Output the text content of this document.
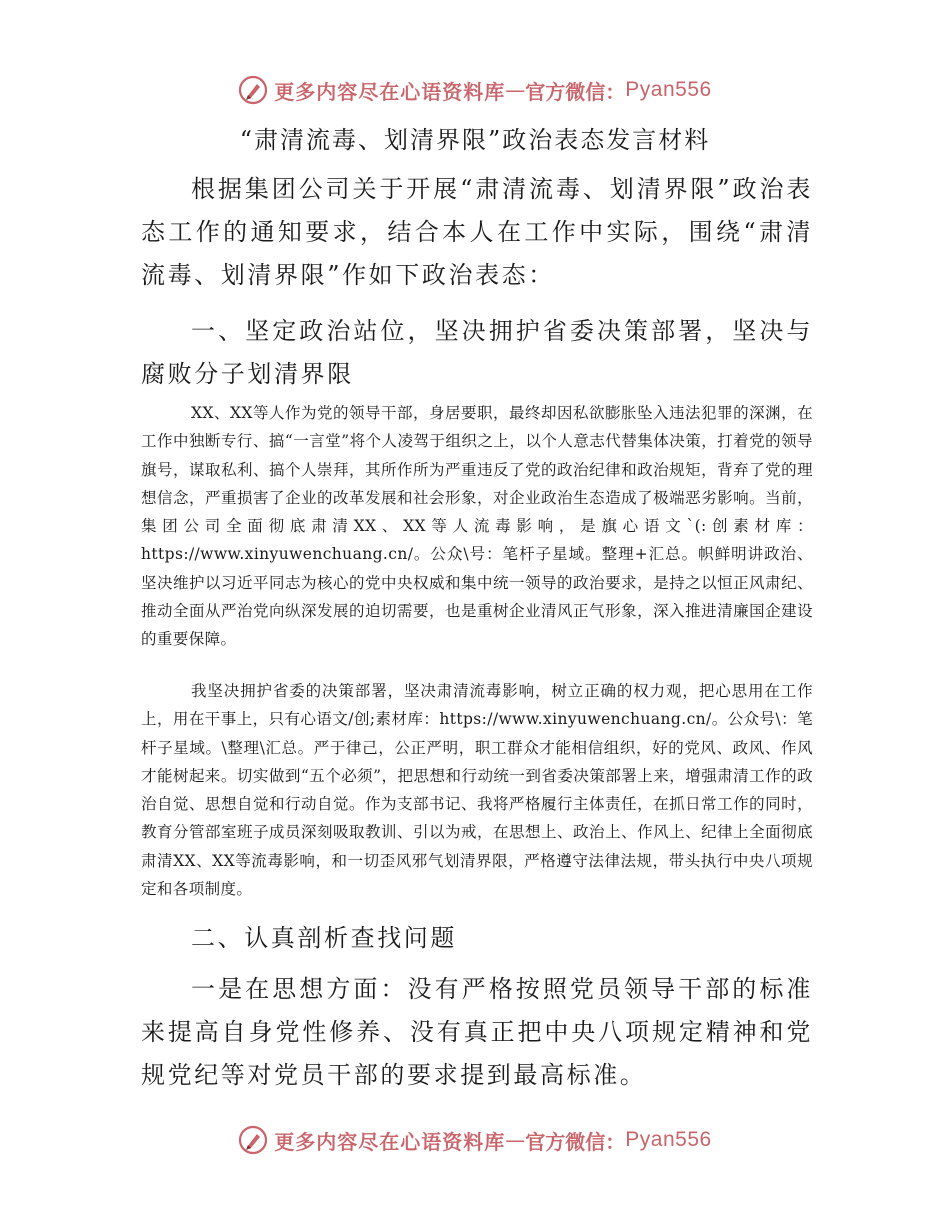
更多内容尽在心语资料库 — 官方微信： Pyan556
“肃清流毒、划清界限”政治表态发言材料

根据集团公司关于开展“肃清流毒、划清界限”政治表态工作的通知要求，结合本人在工作中实际，围绕“肃清流毒、划清界限”作如下政治表态：

一、坚定政治站位，坚决拥护省委决策部署，坚决与腐败分子划清界限

XX、XX等人作为党的领导干部，身居要职，最终却因私欲膨胀坠入违法犯罪的深渊，在工作中独断专行、搞“一言堂”将个人凌驾于组织之上，以个人意志代替集体决策，打着党的领导旗号，谋取私利、搞个人崇拜，其所作所为严重违反了党的政治纪律和政治规矩，背弃了党的理想信念，严重损害了企业的改革发展和社会形象，对企业政治生态造成了极端恶劣影响。当前，集团公司全面彻底肃清XX、XX等人流毒影响，是旗心语文`(:创素材库：https://www.xinyuwenchuang.cn/。公众\号：笔杆子星域。整理+汇总。帜鲜明讲政治、坚决维护以习近平同志为核心的党中央权威和集中统一领导的政治要求，是持之以恒正风肃纪、推动全面从严治党向纵深发展的迫切需要，也是重树企业清风正气形象，深入推进清廉国企建设的重要保障。

我坚决拥护省委的决策部署，坚决肃清流毒影响，树立正确的权力观，把心思用在工作上，用在干事上，只有心语文/创;素材库：https://www.xinyuwenchuang.cn/。公众号\：笔杆子星域。\整理\汇总。严于律己，公正严明，职工群众才能相信组织，好的党风、政风、作风才能树起来。切实做到“五个必须”，把思想和行动统一到省委决策部署上来，增强肃清工作的政治自觉、思想自觉和行动自觉。作为支部书记、我将严格履行主体责任，在抓日常工作的同时，教育分管部室班子成员深刻吸取教训、引以为戒，在思想上、政治上、作风上、纪律上全面彻底肃清XX、XX等流毒影响，和一切歪风邪气划清界限，严格遵守法律法规，带头执行中央八项规定和各项制度。

二、认真剖析查找问题

一是在思想方面：没有严格按照党员领导干部的标准来提高自身党性修养、没有真正把中央八项规定精神和党规党纪等对党员干部的要求提到最高标准。

更多内容尽在心语资料库 — 官方微信： Pyan556
